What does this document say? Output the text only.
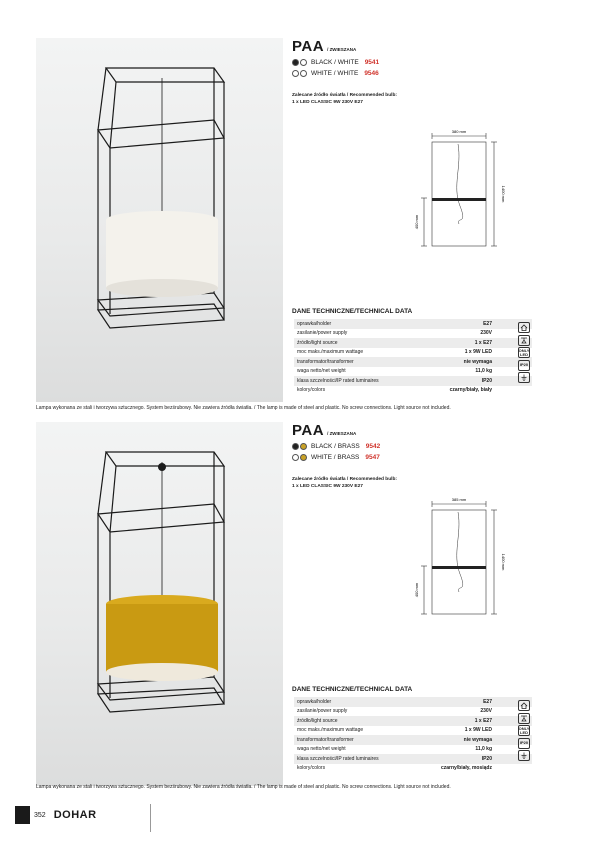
PAA / ZWIESZANA
BLACK / WHITE 9541
WHITE / WHITE 9546
Zalecane źródło światła / Recommended bulb:
1 x LED CLASSIC 9W 230V E27
380 mm
1400 mm
400 mm
DANE TECHNICZNE/TECHNICAL DATA
oprawka/holder	E27
zasilanie/power supply	230V
źródło/light source	1 x E27
moc maks./maximum wattage	1 x 9W LED
transformator/transformer	nie wymaga
waga netto/net weight	11,0 kg
klasa szczelności/IP rated luminaires	IP20
kolory/colors	czarny/biały, biały
ONLY LED
IP20
Lampa wykonana ze stali i tworzywa sztucznego. System bezśrubowy. Nie zawiera źródła światła. / The lamp is made of steel and plastic. No screw connections. Light source not included.
PAA / ZWIESZANA
BLACK / BRASS 9542
WHITE / BRASS 9547
Zalecane źródło światła / Recommended bulb:
1 x LED CLASSIC 9W 230V E27
385 mm
1400 mm
400 mm
DANE TECHNICZNE/TECHNICAL DATA
oprawka/holder	E27
zasilanie/power supply	230V
źródło/light source	1 x E27
moc maks./maximum wattage	1 x 9W LED
transformator/transformer	nie wymaga
waga netto/net weight	11,0 kg
klasa szczelności/IP rated luminaires	IP20
kolory/colors	czarny/biały, mosiądz
ONLY LED
IP20
Lampa wykonana ze stali i tworzywa sztucznego. System bezśrubowy. Nie zawiera źródła światła. / The lamp is made of steel and plastic. No screw connections. Light source not included.
352 DOHAR
